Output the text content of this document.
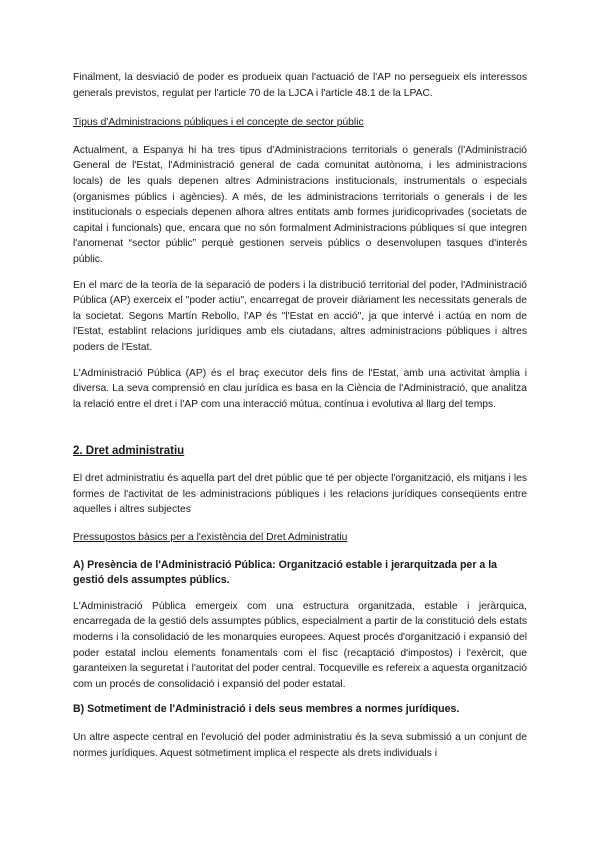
Finalment, la desviació de poder es produeix quan l'actuació de l'AP no persegueix els interessos generals previstos, regulat per l'article 70 de la LJCA i l'article 48.1 de la LPAC.

Tipus d'Administracions públiques i el concepte de sector públic

Actualment, a Espanya hi ha tres tipus d'Administracions territorials o generals (l'Administració General de l'Estat, l'Administració general de cada comunitat autònoma, i les administracions locals) de les quals depenen altres Administracions institucionals, instrumentals o especials (organismes públics i agències). A més, de les administracions territorials o generals i de les institucionals o especials depenen alhora altres entitats amb formes juridicoprivades (societats de capital i funcionals) que, encara que no són formalment Administracions públiques sí que integren l'anomenat “sector públic” perquè gestionen serveis públics o desenvolupen tasques d'interès públic.

En el marc de la teoria de la separació de poders i la distribució territorial del poder, l'Administració Pública (AP) exerceix el "poder actiu", encarregat de proveir diàriament les necessitats generals de la societat. Segons Martín Rebollo, l'AP és "l'Estat en acció", ja que intervé i actúa en nom de l'Estat, establint relacions jurídiques amb els ciutadans, altres administracions públiques i altres poders de l'Estat.

L'Administració Pública (AP) és el braç executor dels fins de l'Estat, amb una activitat àmplia i diversa. La seva comprensió en clau jurídica es basa en la Ciència de l'Administració, que analitza la relació entre el dret i l'AP com una interacció mútua, contínua i evolutiva al llarg del temps.

2. Dret administratiu

El dret administratiu és aquella part del dret públic que té per objecte l'organització, els mitjans i les formes de l'activitat de les administracions públiques i les relacions jurídiques conseqüents entre aquelles i altres subjectes

Pressupostos bàsics per a l'existència del Dret Administratiu
A) Presència de l'Administració Pública: Organització estable i jerarquitzada per a la gestió dels assumptes públics.

L'Administració Pública emergeix com una estructura organitzada, estable i jeràrquica, encarregada de la gestió dels assumptes públics, especialment a partir de la constitució dels estats moderns i la consolidació de les monarquies europees. Aquest procés d'organització i expansió del poder estatal inclou elements fonamentals com el fisc (recaptació d'impostos) i l'exèrcit, que garanteixen la seguretat i l'autoritat del poder central. Tocqueville es refereix a aquesta organització com un procés de consolidació i expansió del poder estatal.

B) Sotmetiment de l'Administració i dels seus membres a normes jurídiques.

Un altre aspecte central en l'evolució del poder administratiu és la seva submissió a un conjunt de normes jurídiques. Aquest sotmetiment implica el respecte als drets individuals i
